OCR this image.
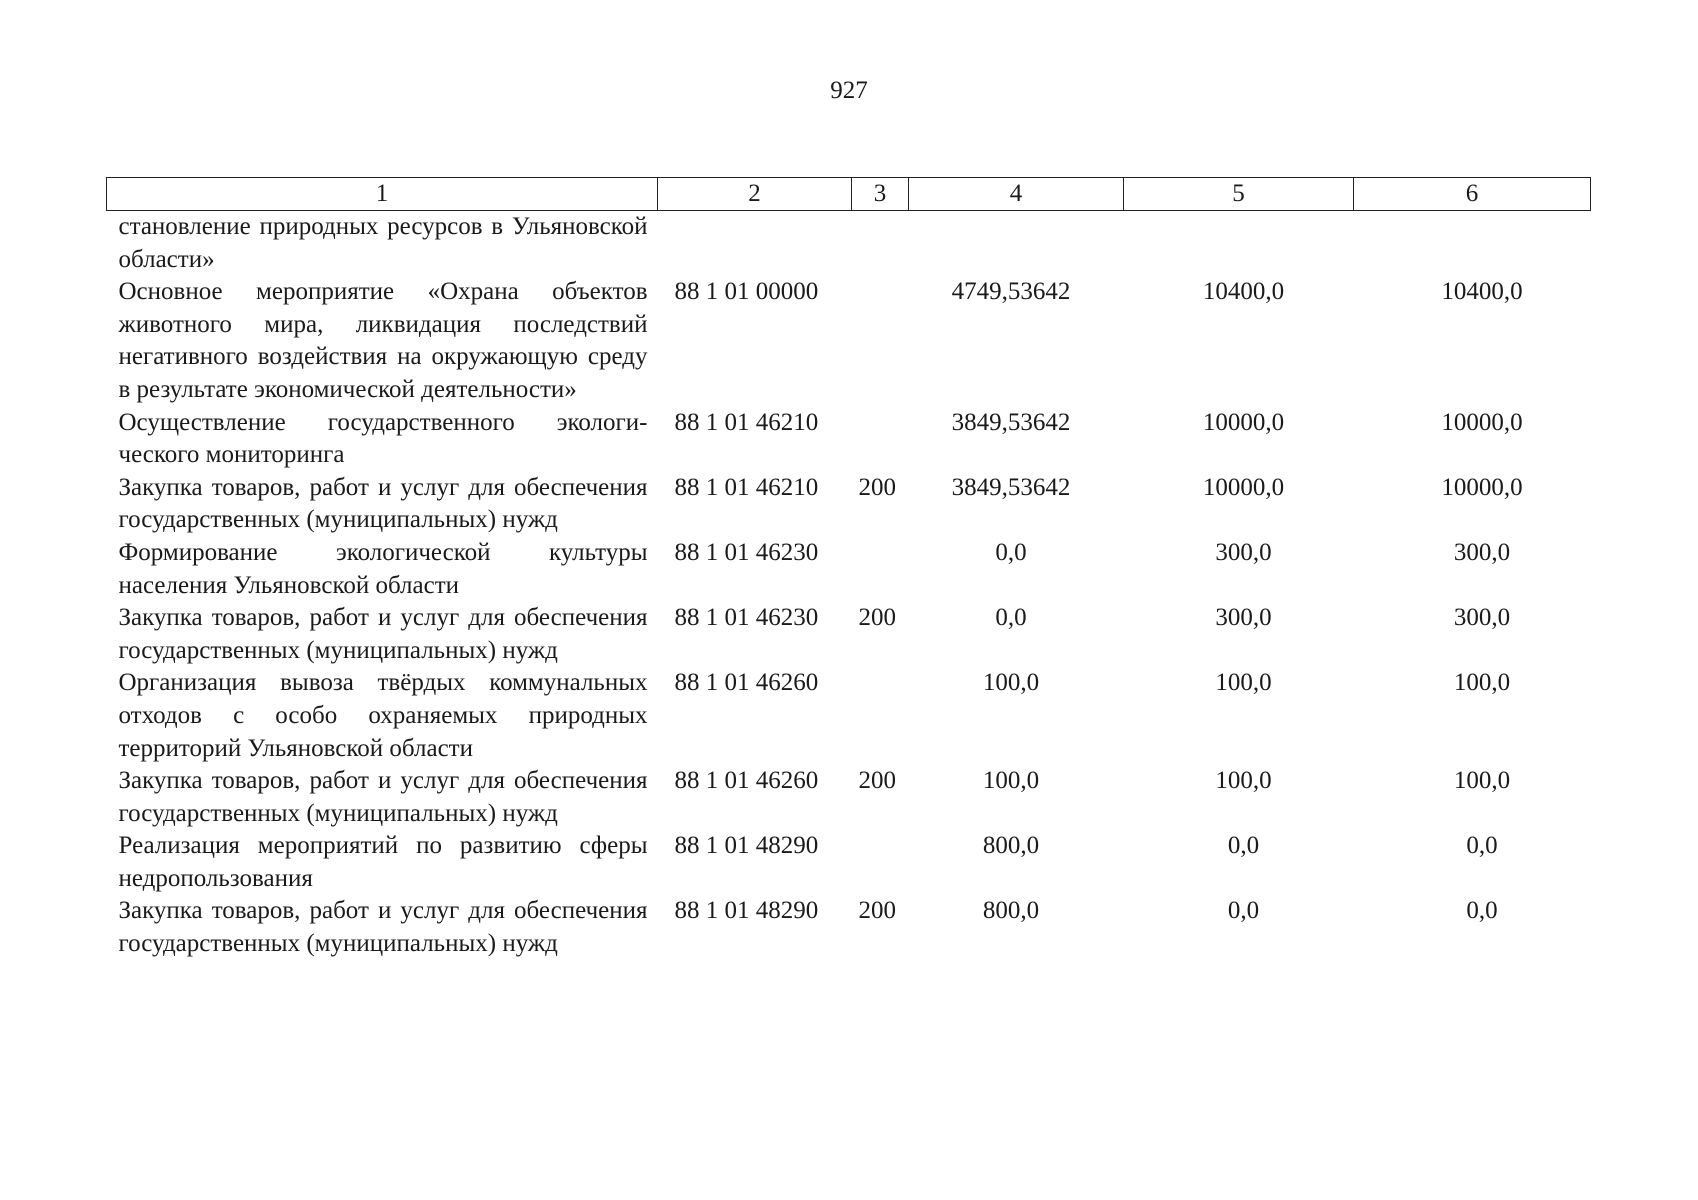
927
1	2	3	4	5	6
становление природных ресурсов в Ульяновской области»					
Основное мероприятие «Охрана объектов животного мира, ликвидация последствий негативного воздействия на окружающую среду в результате экономической деятельности»	88 1 01 00000		4749,53642	10400,0	10400,0
Осуществление государственного экологического мониторинга	88 1 01 46210		3849,53642	10000,0	10000,0
Закупка товаров, работ и услуг для обеспечения государственных (муниципальных) нужд	88 1 01 46210	200	3849,53642	10000,0	10000,0
Формирование экологической культуры населения Ульяновской области	88 1 01 46230		0,0	300,0	300,0
Закупка товаров, работ и услуг для обеспечения государственных (муниципальных) нужд	88 1 01 46230	200	0,0	300,0	300,0
Организация вывоза твёрдых коммунальных отходов с особо охраняемых природных территорий Ульяновской области	88 1 01 46260		100,0	100,0	100,0
Закупка товаров, работ и услуг для обеспечения государственных (муниципальных) нужд	88 1 01 46260	200	100,0	100,0	100,0
Реализация мероприятий по развитию сферы недропользования	88 1 01 48290		800,0	0,0	0,0
Закупка товаров, работ и услуг для обеспечения государственных (муниципальных) нужд	88 1 01 48290	200	800,0	0,0	0,0
